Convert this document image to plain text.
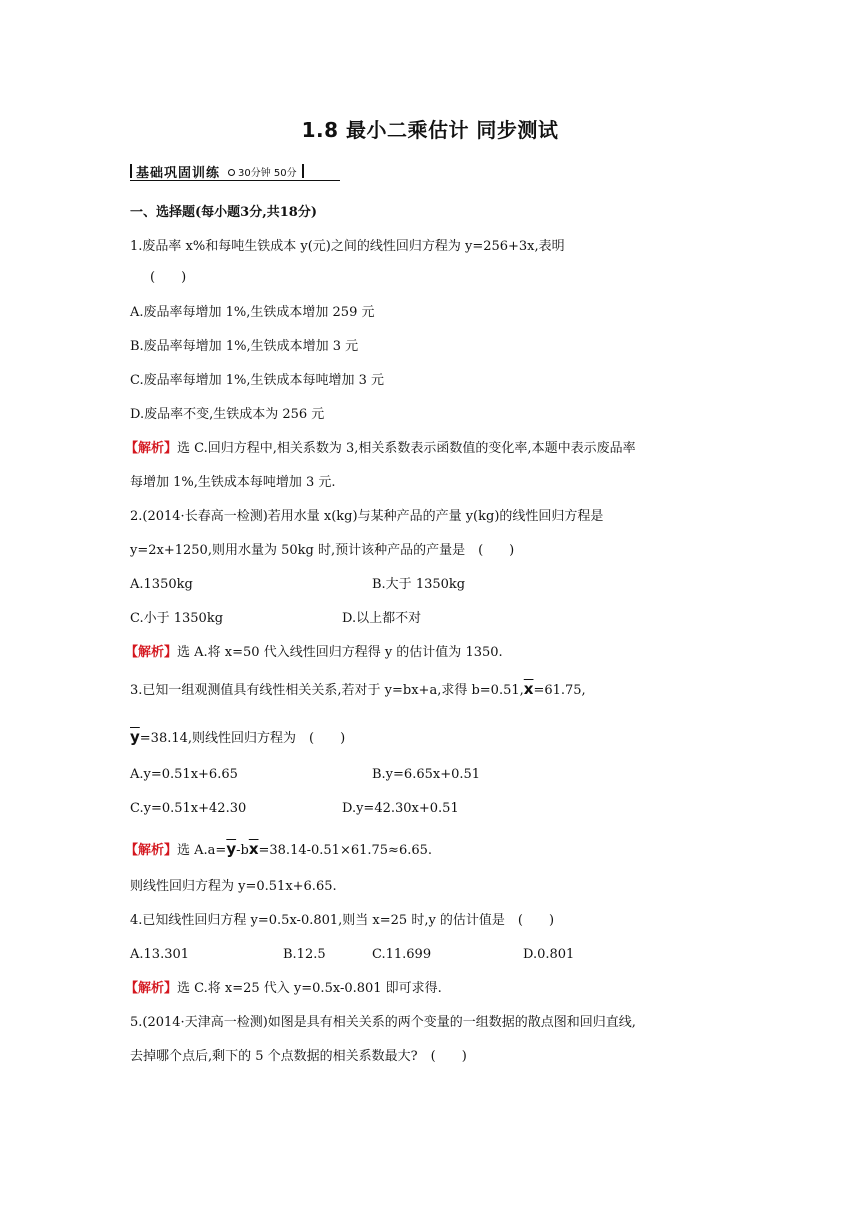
1.8 最小二乘估计 同步测试
基础巩固训练	30分钟 50分
一、选择题(每小题3分,共18分)
1.废品率 x%和每吨生铁成本 y(元)之间的线性回归方程为 y=256+3x,表明
(　　)
A.废品率每增加 1%,生铁成本增加 259 元
B.废品率每增加 1%,生铁成本增加 3 元
C.废品率每增加 1%,生铁成本每吨增加 3 元
D.废品率不变,生铁成本为 256 元
【解析】选 C.回归方程中,相关系数为 3,相关系数表示函数值的变化率,本题中表示废品率
每增加 1%,生铁成本每吨增加 3 元.
2.(2014·长春高一检测)若用水量 x(kg)与某种产品的产量 y(kg)的线性回归方程是
y=2x+1250,则用水量为 50kg 时,预计该种产品的产量是　(　　)
A.1350kg	B.大于 1350kg
C.小于 1350kg	D.以上都不对
【解析】选 A.将 x=50 代入线性回归方程得 y 的估计值为 1350.
3.已知一组观测值具有线性相关关系,若对于 y=bx+a,求得 $b=0.51,\overline{x}=61.75$,
$\overline{y}=38.14$,则线性回归方程为　(　　)
A.y=0.51x+6.65	B.y=6.65x+0.51
C.y=0.51x+42.30	D.y=42.30x+0.51
【解析】选 $A.a=\overline{y}-b\overline{x}=38.14-0.51\times 61.75\approx 6.65$.
则线性回归方程为 y=0.51x+6.65.
4.已知线性回归方程 y=0.5x-0.801,则当 x=25 时,y 的估计值是　(　　)
A.13.301	B.12.5	C.11.699	D.0.801
【解析】选 C.将 x=25 代入 y=0.5x-0.801 即可求得.
5.(2014·天津高一检测)如图是具有相关关系的两个变量的一组数据的散点图和回归直线,
去掉哪个点后,剩下的 5 个点数据的相关系数最大?　(　　)
